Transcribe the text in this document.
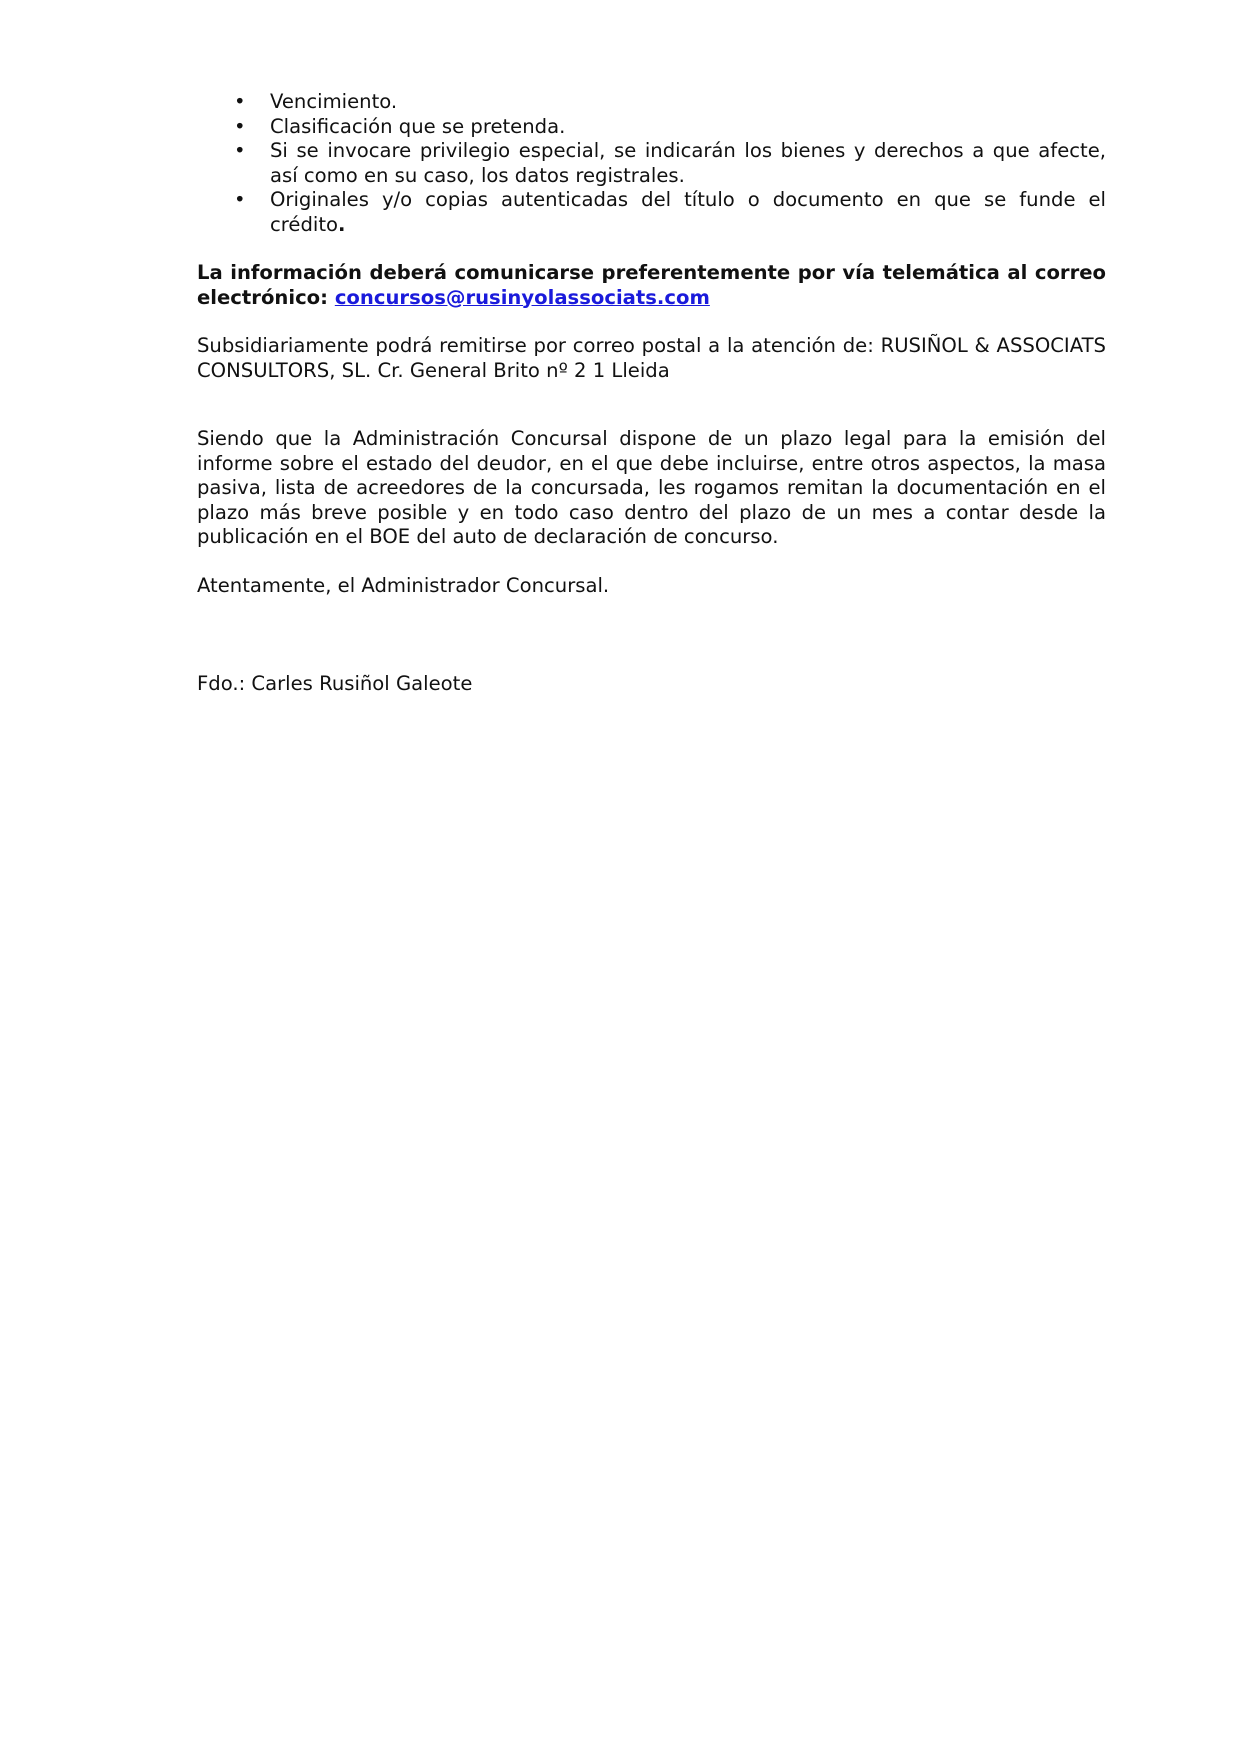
• Vencimiento.
• Clasificación que se pretenda.
• Si se invocare privilegio especial, se indicarán los bienes y derechos a que afecte, así como en su caso, los datos registrales.
• Originales y/o copias autenticadas del título o documento en que se funde el crédito.

La información deberá comunicarse preferentemente por vía telemática al correo electrónico: concursos@rusinyolassociats.com

Subsidiariamente podrá remitirse por correo postal a la atención de: RUSIÑOL & ASSOCIATS CONSULTORS, SL. Cr. General Brito nº 2 1 Lleida

Siendo que la Administración Concursal dispone de un plazo legal para la emisión del informe sobre el estado del deudor, en el que debe incluirse, entre otros aspectos, la masa pasiva, lista de acreedores de la concursada, les rogamos remitan la documentación en el plazo más breve posible y en todo caso dentro del plazo de un mes a contar desde la publicación en el BOE del auto de declaración de concurso.

Atentamente, el Administrador Concursal.

Fdo.: Carles Rusiñol Galeote
